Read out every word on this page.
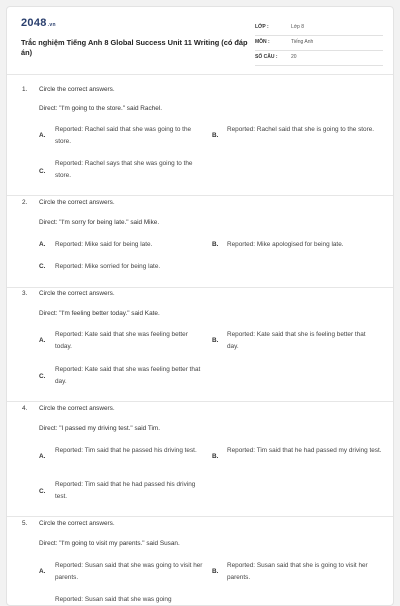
2048.vn
Trắc nghiệm Tiếng Anh 8 Global Success Unit 11 Writing (có đáp án)
LỚP :	Lớp 8
MÔN :	Tiếng Anh
SỐ CÂU :	20
1. Circle the correct answers.
Direct: "I'm going to the store." said Rachel.
A.
Reported: Rachel said that she was going to the store.
B.
Reported: Rachel said that she is going to the store.
C.
Reported: Rachel says that she was going to the store.
2. Circle the correct answers.
Direct: "I'm sorry for being late." said Mike.
A. Reported: Mike said for being late.	B. Reported: Mike apologised for being late.
C. Reported: Mike sorried for being late.
3. Circle the correct answers.
Direct: "I'm feeling better today." said Kate.
A.
Reported: Kate said that she was feeling better today.
B.
Reported: Kate said that she is feeling better that day.
C.
Reported: Kate said that she was feeling better that day.
4. Circle the correct answers.
Direct: "I passed my driving test." said Tim.
A.
Reported: Tim said that he passed his driving test.
B.
Reported: Tim said that he had passed my driving test.
C.
Reported: Tim said that he had passed his driving test.
5. Circle the correct answers.
Direct: "I'm going to visit my parents." said Susan.
A.
Reported: Susan said that she was going to visit her parents.
B.
Reported: Susan said that she is going to visit her parents.
Reported: Susan said that she was going
